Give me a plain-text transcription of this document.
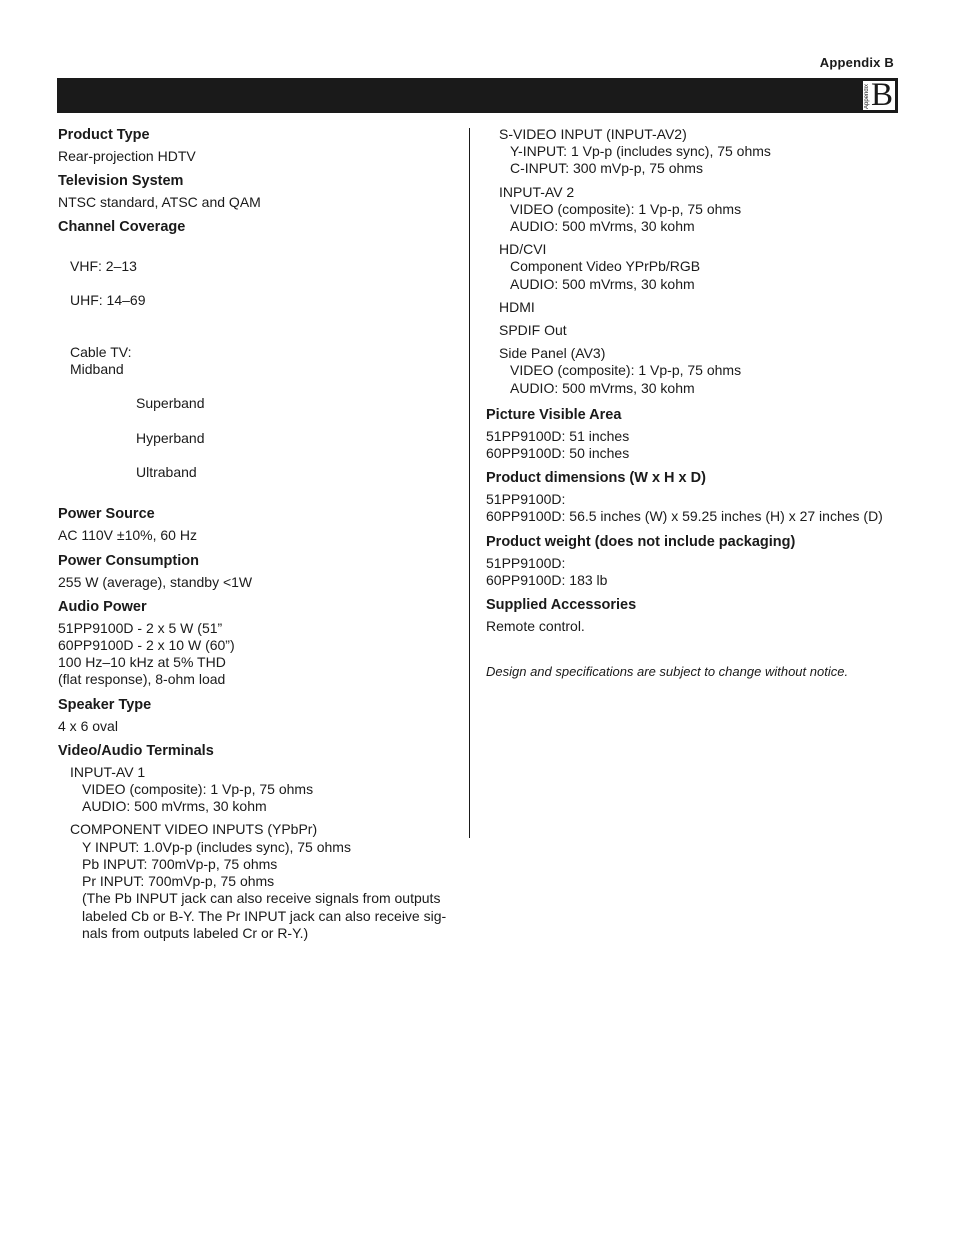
Appendix B
Appendix B
Product Type
Rear-projection HDTV
Television System
NTSC standard, ATSC and QAM
Channel Coverage

VHF: 2–13

UHF: 14–69

Cable TV:
Midband

Superband

Hyperband

Ultraband

Power Source
AC 110V ±10%, 60 Hz
Power Consumption
255 W (average), standby <1W
Audio Power
51PP9100D - 2 x 5 W (51”
60PP9100D - 2 x 10 W (60”)
100 Hz–10 kHz at 5% THD
(flat response), 8-ohm load
Speaker Type
4 x 6 oval
Video/Audio Terminals
INPUT-AV 1
VIDEO (composite): 1 Vp-p, 75 ohms
AUDIO: 500 mVrms, 30 kohm
COMPONENT VIDEO INPUTS (YPbPr)
Y INPUT: 1.0Vp-p (includes sync), 75 ohms
Pb INPUT: 700mVp-p, 75 ohms
Pr INPUT: 700mVp-p, 75 ohms
(The Pb INPUT jack can also receive signals from outputs
labeled Cb or B-Y. The Pr INPUT jack can also receive sig-
nals from outputs labeled Cr or R-Y.)
S-VIDEO INPUT (INPUT-AV2)
Y-INPUT: 1 Vp-p (includes sync), 75 ohms
C-INPUT: 300 mVp-p, 75 ohms
INPUT-AV 2
VIDEO (composite): 1 Vp-p, 75 ohms
AUDIO: 500 mVrms, 30 kohm
HD/CVI
Component Video YPrPb/RGB
AUDIO: 500 mVrms, 30 kohm
HDMI
SPDIF Out
Side Panel (AV3)
VIDEO (composite): 1 Vp-p, 75 ohms
AUDIO: 500 mVrms, 30 kohm
Picture Visible Area
51PP9100D: 51 inches
60PP9100D: 50 inches
Product dimensions (W x H x D)
51PP9100D:
60PP9100D: 56.5 inches (W) x 59.25 inches (H) x 27 inches (D)
Product weight (does not include packaging)
51PP9100D:
60PP9100D: 183 lb
Supplied Accessories
Remote control.
Design and specifications are subject to change without notice.
